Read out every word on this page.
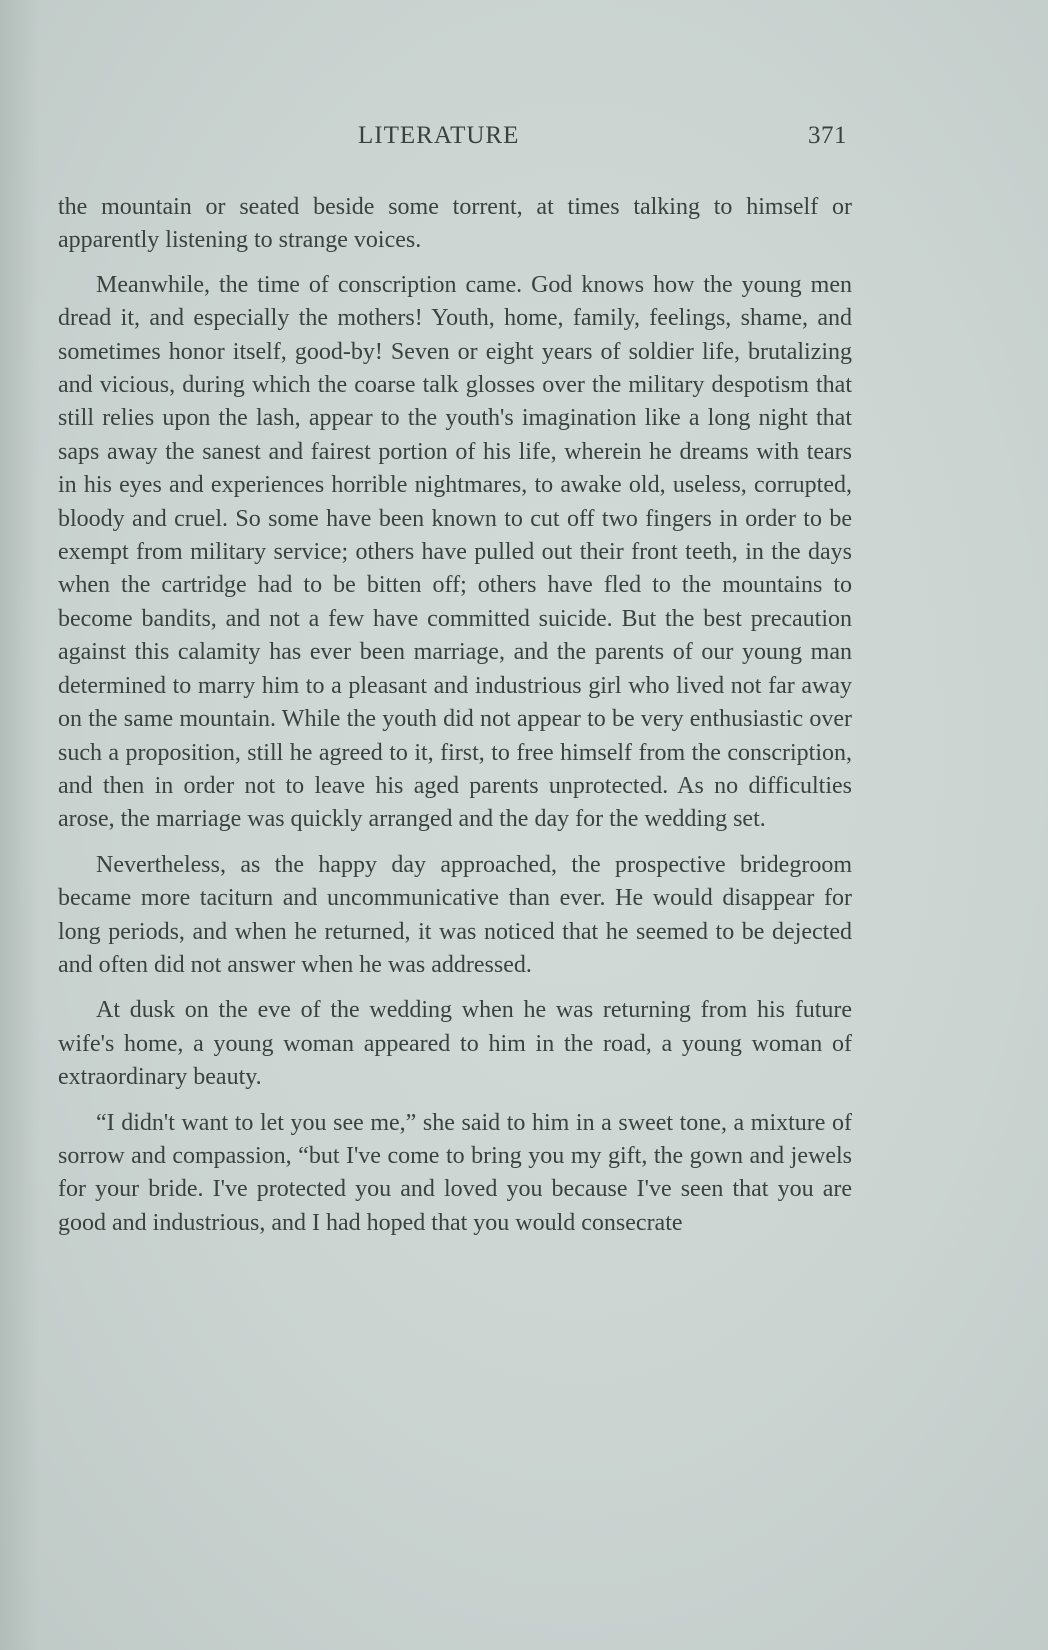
LITERATURE	371

the mountain or seated beside some torrent, at times talking to himself or apparently listening to strange voices.

Meanwhile, the time of conscription came. God knows how the young men dread it, and especially the mothers! Youth, home, family, feelings, shame, and sometimes honor itself, good-by! Seven or eight years of soldier life, brutalizing and vicious, during which the coarse talk glosses over the military despotism that still relies upon the lash, appear to the youth's imagination like a long night that saps away the sanest and fairest portion of his life, wherein he dreams with tears in his eyes and experiences horrible nightmares, to awake old, useless, corrupted, bloody and cruel. So some have been known to cut off two fingers in order to be exempt from military service; others have pulled out their front teeth, in the days when the cartridge had to be bitten off; others have fled to the mountains to become bandits, and not a few have committed suicide. But the best precaution against this calamity has ever been marriage, and the parents of our young man determined to marry him to a pleasant and industrious girl who lived not far away on the same mountain. While the youth did not appear to be very enthusiastic over such a proposition, still he agreed to it, first, to free himself from the conscription, and then in order not to leave his aged parents unprotected. As no difficulties arose, the marriage was quickly arranged and the day for the wedding set.

Nevertheless, as the happy day approached, the prospective bridegroom became more taciturn and uncommunicative than ever. He would disappear for long periods, and when he returned, it was noticed that he seemed to be dejected and often did not answer when he was addressed.

At dusk on the eve of the wedding when he was returning from his future wife's home, a young woman appeared to him in the road, a young woman of extraordinary beauty.

“I didn't want to let you see me,” she said to him in a sweet tone, a mixture of sorrow and compassion, “but I've come to bring you my gift, the gown and jewels for your bride. I've protected you and loved you because I've seen that you are good and industrious, and I had hoped that you would consecrate
